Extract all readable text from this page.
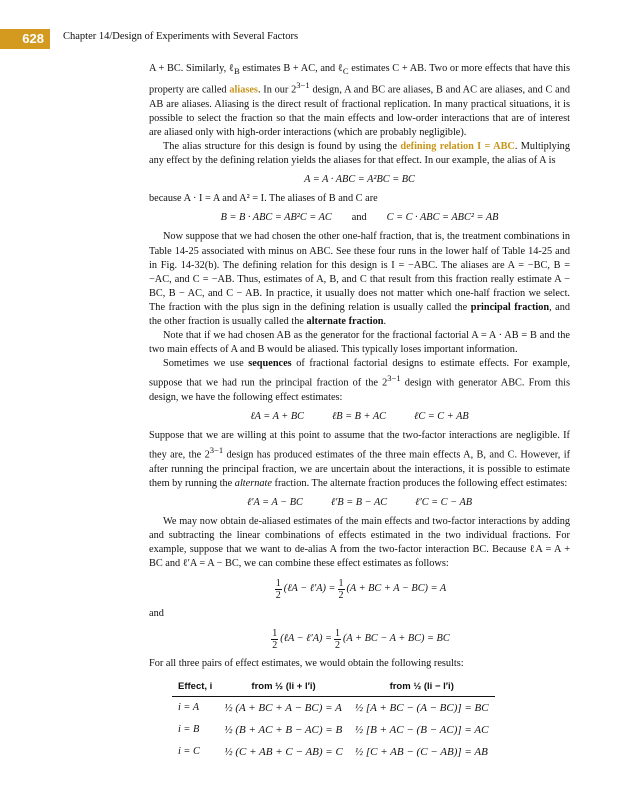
628	Chapter 14/Design of Experiments with Several Factors

A + BC. Similarly, ℓ$_B$ estimates B + AC, and ℓ$_C$ estimates C + AB. Two or more effects that have this property are called aliases. In our $2^{3-1}$ design, A and BC are aliases, B and AC are aliases, and C and AB are aliases. Aliasing is the direct result of fractional replication. In many practical situations, it is possible to select the fraction so that the main effects and low-order interactions that are of interest are aliased only with high-order interactions (which are probably negligible).

The alias structure for this design is found by using the defining relation I = ABC. Multiplying any effect by the defining relation yields the aliases for that effect. In our example, the alias of A is

A = A · ABC = A²BC = BC

because A · I = A and A² = I. The aliases of B and C are

B = B · ABC = AB²C = AC and C = C · ABC = ABC² = AB

Now suppose that we had chosen the other one-half fraction, that is, the treatment combinations in Table 14-25 associated with minus on ABC. See these four runs in the lower half of Table 14-25 and in Fig. 14-32(b). The defining relation for this design is I = −ABC. The aliases are A = −BC, B = −AC, and C = −AB. Thus, estimates of A, B, and C that result from this fraction really estimate A − BC, B − AC, and C − AB. In practice, it usually does not matter which one-half fraction we select. The fraction with the plus sign in the defining relation is usually called the principal fraction, and the other fraction is usually called the alternate fraction.

Note that if we had chosen AB as the generator for the fractional factorial A = A · AB = B and the two main effects of A and B would be aliased. This typically loses important information.

Sometimes we use sequences of fractional factorial designs to estimate effects. For example, suppose that we had run the principal fraction of the $2^{3-1}$ design with generator ABC. From this design, we have the following effect estimates:

ℓA = A + BC	ℓB = B + AC	ℓC = C + AB

Suppose that we are willing at this point to assume that the two-factor interactions are negligible. If they are, the $2^{3-1}$ design has produced estimates of the three main effects A, B, and C. However, if after running the principal fraction, we are uncertain about the interactions, it is possible to estimate them by running the alternate fraction. The alternate fraction produces the following effect estimates:

ℓ′A = A − BC	ℓ′B = B − AC	ℓ′C = C − AB

We may now obtain de-aliased estimates of the main effects and two-factor interactions by adding and subtracting the linear combinations of effects estimated in the two individual fractions. For example, suppose that we want to de-alias A from the two-factor interaction BC. Because ℓA = A + BC and ℓ′A = A − BC, we can combine these effect estimates as follows:

$\frac{1}{2}$ (ℓA − ℓ′A) = $\frac{1}{2} (A$ + BC + A − BC) = A

and

$\frac{1}{2}$ (ℓA − ℓ′A) = $\frac{1}{2} (A$ + BC − A + BC) = BC

For all three pairs of effect estimates, we would obtain the following results:

Effect, i	from ½ (li + l′i)	from ½ (li − l′i)
i = A	½ (A + BC + A − BC) = A	½ [A + BC − (A − BC)] = BC
i = B	½ (B + AC + B − AC) = B	½ [B + AC − (B − AC)] = AC
i = C	½ (C + AB + C − AB) = C	½ [C + AB − (C − AB)] = AB
